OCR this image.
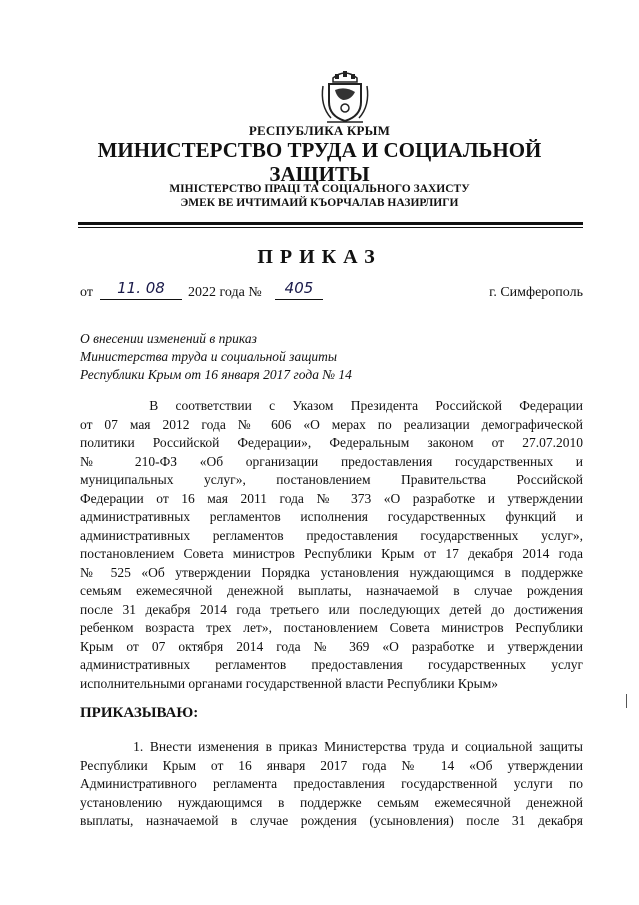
РЕСПУБЛИКА КРЫМ
МИНИСТЕРСТВО ТРУДА И СОЦИАЛЬНОЙ
ЗАЩИТЫ
МІНІСТЕРСТВО ПРАЦІ ТА СОЦІАЛЬНОГО ЗАХИСТУ
ЭМЕК ВЕ ИЧТИМАИЙ КЪОРЧАЛАВ НАЗИРЛИГИ
ПРИКАЗ
от	11. 08	2022 года №	405	г. Симферополь
О внесении изменений в приказ
Министерства труда и социальной защиты
Республики Крым от 16 января 2017 года № 14
В  соответствии  с  Указом  Президента  Российской  Федерации
от 07 мая 2012 года № 606 «О мерах по реализации демографической
политики Российской Федерации», Федеральным законом от 27.07.2010
№ 210-ФЗ «Об организации предоставления государственных и
муниципальных услуг», постановлением Правительства Российской
Федерации от 16 мая 2011 года № 373 «О разработке и утверждении
административных регламентов исполнения государственных функций и
административных регламентов предоставления государственных услуг»,
постановлением Совета министров Республики Крым от 17 декабря 2014 года
№ 525 «Об утверждении Порядка установления нуждающимся в поддержке
семьям ежемесячной денежной выплаты, назначаемой в случае рождения
после 31 декабря 2014 года третьего или последующих детей до достижения
ребенком возраста трех лет», постановлением Совета министров Республики
Крым от 07 октября 2014 года № 369 «О разработке и утверждении
административных регламентов предоставления государственных услуг
исполнительными органами государственной власти Республики Крым»
ПРИКАЗЫВАЮ:
1. Внести изменения в приказ Министерства труда и социальной защиты
Республики Крым от 16 января 2017 года № 14 «Об утверждении
Административного регламента предоставления государственной услуги по
установлению нуждающимся в поддержке семьям ежемесячной денежной
выплаты, назначаемой в случае рождения (усыновления) после 31 декабря
